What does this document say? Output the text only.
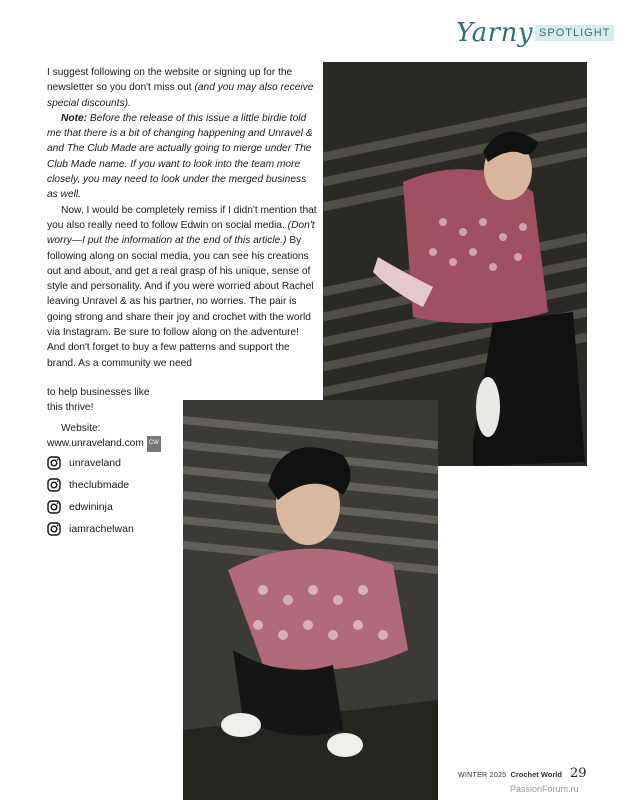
Yarny SPOTLIGHT

I suggest following on the website or signing up for the newsletter so you don't miss out (and you may also receive special discounts).

Note: Before the release of this issue a little birdie told me that there is a bit of changing happening and Unravel & and The Club Made are actually going to merge under The Club Made name. If you want to look into the team more closely, you may need to look under the merged business as well.

Now, I would be completely remiss if I didn't mention that you also really need to follow Edwin on social media. (Don't worry—I put the information at the end of this article.) By following along on social media, you can see his creations out and about, and get a real grasp of his unique, sense of style and personality. And if you were worried about Rachel leaving Unravel & as his partner, no worries. The pair is going strong and share their joy and crochet with the world via Instagram. Be sure to follow along on the adventure! And don't forget to buy a few patterns and support the brand. As a community we need

to help businesses like

this thrive!

Website:
www.unraveland.com CW
unraveland
theclubmade
edwininja
iamrachelwan
WINTER 2025 Crochet World 29
PassionForum.ru
